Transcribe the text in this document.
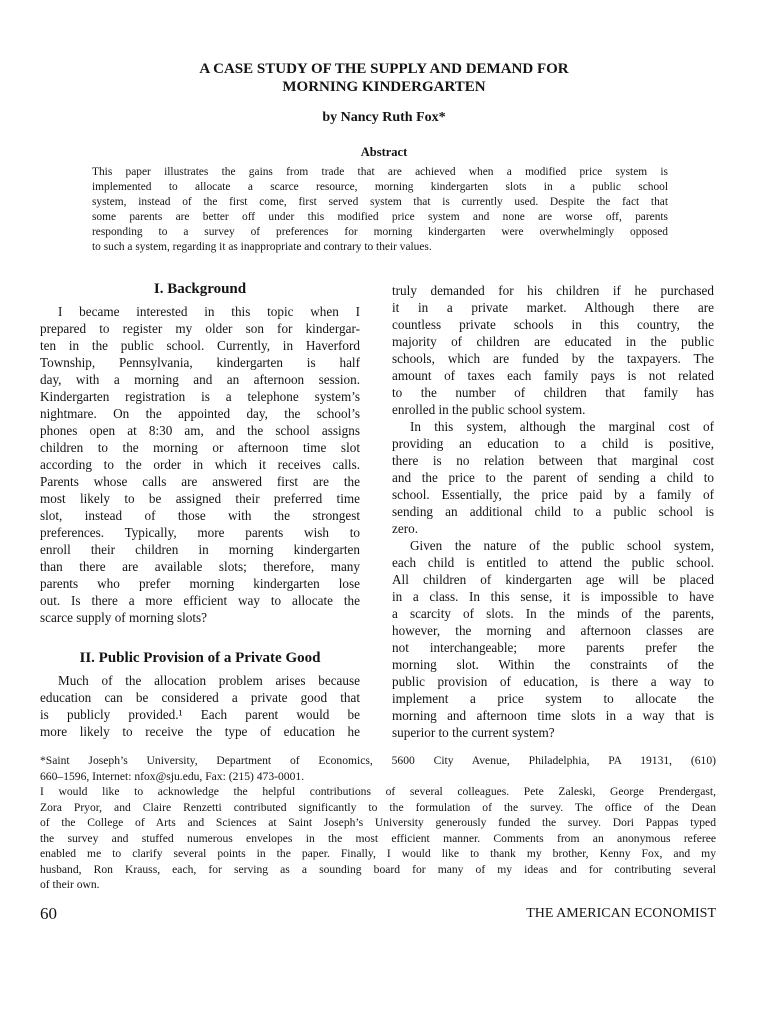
A CASE STUDY OF THE SUPPLY AND DEMAND FOR
MORNING KINDERGARTEN
by Nancy Ruth Fox*
Abstract
This paper illustrates the gains from trade that are achieved when a modified price system is
implemented to allocate a scarce resource, morning kindergarten slots in a public school
system, instead of the first come, first served system that is currently used. Despite the fact that
some parents are better off under this modified price system and none are worse off, parents
responding to a survey of preferences for morning kindergarten were overwhelmingly opposed
to such a system, regarding it as inappropriate and contrary to their values.
I. Background
I became interested in this topic when I
prepared to register my older son for kindergar-
ten in the public school. Currently, in Haverford
Township, Pennsylvania, kindergarten is half
day, with a morning and an afternoon session.
Kindergarten registration is a telephone system’s
nightmare. On the appointed day, the school’s
phones open at 8:30 am, and the school assigns
children to the morning or afternoon time slot
according to the order in which it receives calls.
Parents whose calls are answered first are the
most likely to be assigned their preferred time
slot, instead of those with the strongest
preferences. Typically, more parents wish to
enroll their children in morning kindergarten
than there are available slots; therefore, many
parents who prefer morning kindergarten lose
out. Is there a more efficient way to allocate the
scarce supply of morning slots?
II. Public Provision of a Private Good
Much of the allocation problem arises because
education can be considered a private good that
is publicly provided.¹ Each parent would be
more likely to receive the type of education he
truly demanded for his children if he purchased
it in a private market. Although there are
countless private schools in this country, the
majority of children are educated in the public
schools, which are funded by the taxpayers. The
amount of taxes each family pays is not related
to the number of children that family has
enrolled in the public school system.
In this system, although the marginal cost of
providing an education to a child is positive,
there is no relation between that marginal cost
and the price to the parent of sending a child to
school. Essentially, the price paid by a family of
sending an additional child to a public school is
zero.
Given the nature of the public school system,
each child is entitled to attend the public school.
All children of kindergarten age will be placed
in a class. In this sense, it is impossible to have
a scarcity of slots. In the minds of the parents,
however, the morning and afternoon classes are
not interchangeable; more parents prefer the
morning slot. Within the constraints of the
public provision of education, is there a way to
implement a price system to allocate the
morning and afternoon time slots in a way that is
superior to the current system?
*Saint Joseph’s University, Department of Economics, 5600 City Avenue, Philadelphia, PA 19131, (610)
660–1596, Internet: nfox@sju.edu, Fax: (215) 473-0001.
I would like to acknowledge the helpful contributions of several colleagues. Pete Zaleski, George Prendergast,
Zora Pryor, and Claire Renzetti contributed significantly to the formulation of the survey. The office of the Dean
of the College of Arts and Sciences at Saint Joseph’s University generously funded the survey. Dori Pappas typed
the survey and stuffed numerous envelopes in the most efficient manner. Comments from an anonymous referee
enabled me to clarify several points in the paper. Finally, I would like to thank my brother, Kenny Fox, and my
husband, Ron Krauss, each, for serving as a sounding board for many of my ideas and for contributing several
of their own.
60	THE AMERICAN ECONOMIST
